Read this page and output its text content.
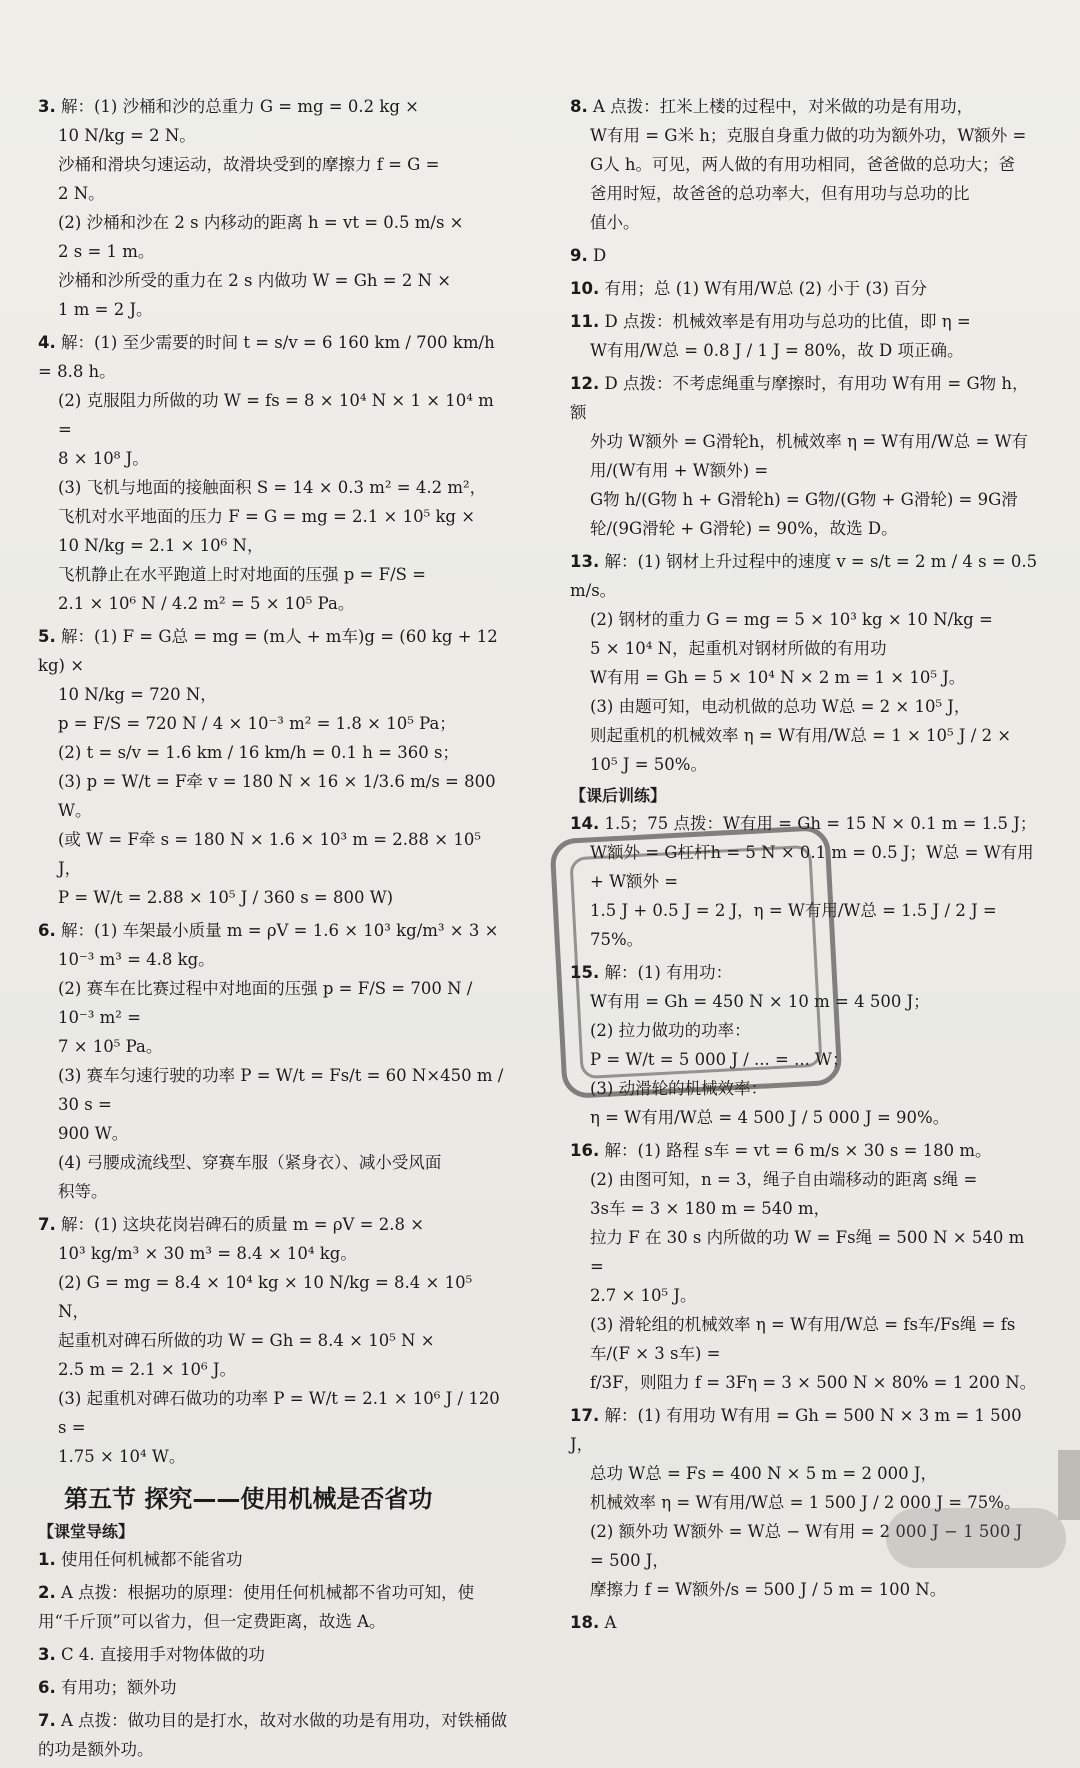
3. 解：(1) 沙桶和沙的总重力 G = mg = 0.2 kg ×

10 N/kg = 2 N。

沙桶和滑块匀速运动，故滑块受到的摩擦力 f = G =

2 N。

(2) 沙桶和沙在 2 s 内移动的距离 h = vt = 0.5 m/s ×

2 s = 1 m。

沙桶和沙所受的重力在 2 s 内做功 W = Gh = 2 N ×

1 m = 2 J。

4. 解：(1) 至少需要的时间 t = s/v = 6 160 km / 700 km/h = 8.8 h。

(2) 克服阻力所做的功 W = fs = 8 × 10⁴ N × 1 × 10⁴ m =

8 × 10⁸ J。

(3) 飞机与地面的接触面积 S = 14 × 0.3 m² = 4.2 m²，

飞机对水平地面的压力 F = G = mg = 2.1 × 10⁵ kg ×

10 N/kg = 2.1 × 10⁶ N，

飞机静止在水平跑道上时对地面的压强 p = F/S =

2.1 × 10⁶ N / 4.2 m² = 5 × 10⁵ Pa。

5. 解：(1) F = G总 = mg = (m人 + m车)g = (60 kg + 12 kg) ×

10 N/kg = 720 N，

p = F/S = 720 N / 4 × 10⁻³ m² = 1.8 × 10⁵ Pa；

(2) t = s/v = 1.6 km / 16 km/h = 0.1 h = 360 s；

(3) p = W/t = F牵 v = 180 N × 16 × 1/3.6 m/s = 800 W。

(或 W = F牵 s = 180 N × 1.6 × 10³ m = 2.88 × 10⁵ J，

P = W/t = 2.88 × 10⁵ J / 360 s = 800 W)

6. 解：(1) 车架最小质量 m = ρV = 1.6 × 10³ kg/m³ × 3 ×

10⁻³ m³ = 4.8 kg。

(2) 赛车在比赛过程中对地面的压强 p = F/S = 700 N / 10⁻³ m² =

7 × 10⁵ Pa。

(3) 赛车匀速行驶的功率 P = W/t = Fs/t = 60 N×450 m / 30 s =

900 W。

(4) 弓腰成流线型、穿赛车服（紧身衣）、减小受风面

积等。

7. 解：(1) 这块花岗岩碑石的质量 m = ρV = 2.8 ×

10³ kg/m³ × 30 m³ = 8.4 × 10⁴ kg。

(2) G = mg = 8.4 × 10⁴ kg × 10 N/kg = 8.4 × 10⁵ N，

起重机对碑石所做的功 W = Gh = 8.4 × 10⁵ N ×

2.5 m = 2.1 × 10⁶ J。

(3) 起重机对碑石做功的功率 P = W/t = 2.1 × 10⁶ J / 120 s =

1.75 × 10⁴ W。

第五节 探究——使用机械是否省功
【课堂导练】
1. 使用任何机械都不能省功
2. A 点拨：根据功的原理：使用任何机械都不省功可知，使用“千斤顶”可以省力，但一定费距离，故选 A。
3. C 4. 直接用手对物体做的功
6. 有用功；额外功
7. A 点拨：做功目的是打水，故对水做的功是有用功，对铁桶做的功是额外功。

8. A 点拨：扛米上楼的过程中，对米做的功是有用功，

W有用 = G米 h；克服自身重力做的功为额外功，W额外 =

G人 h。可见，两人做的有用功相同，爸爸做的总功大；爸

爸用时短，故爸爸的总功率大，但有用功与总功的比

值小。

9. D

10. 有用；总 (1) W有用/W总 (2) 小于 (3) 百分

11. D 点拨：机械效率是有用功与总功的比值，即 η =

W有用/W总 = 0.8 J / 1 J = 80%，故 D 项正确。

12. D 点拨：不考虑绳重与摩擦时，有用功 W有用 = G物 h，额

外功 W额外 = G滑轮h，机械效率 η = W有用/W总 = W有用/(W有用 + W额外) =

G物 h/(G物 h + G滑轮h) = G物/(G物 + G滑轮) = 9G滑轮/(9G滑轮 + G滑轮) = 90%，故选 D。

13. 解：(1) 钢材上升过程中的速度 v = s/t = 2 m / 4 s = 0.5 m/s。

(2) 钢材的重力 G = mg = 5 × 10³ kg × 10 N/kg =

5 × 10⁴ N，起重机对钢材所做的有用功

W有用 = Gh = 5 × 10⁴ N × 2 m = 1 × 10⁵ J。

(3) 由题可知，电动机做的总功 W总 = 2 × 10⁵ J，

则起重机的机械效率 η = W有用/W总 = 1 × 10⁵ J / 2 × 10⁵ J = 50%。

【课后训练】

14. 1.5；75 点拨：W有用 = Gh = 15 N × 0.1 m = 1.5 J；

W额外 = G杠杆h = 5 N × 0.1 m = 0.5 J；W总 = W有用 + W额外 =

1.5 J + 0.5 J = 2 J，η = W有用/W总 = 1.5 J / 2 J = 75%。

15. 解：(1) 有用功：

W有用 = Gh = 450 N × 10 m = 4 500 J；

(2) 拉力做功的功率：

P = W/t = 5 000 J / ... = ... W；

(3) 动滑轮的机械效率：

η = W有用/W总 = 4 500 J / 5 000 J = 90%。

16. 解：(1) 路程 s车 = vt = 6 m/s × 30 s = 180 m。

(2) 由图可知，n = 3，绳子自由端移动的距离 s绳 =

3s车 = 3 × 180 m = 540 m，

拉力 F 在 30 s 内所做的功 W = Fs绳 = 500 N × 540 m =

2.7 × 10⁵ J。

(3) 滑轮组的机械效率 η = W有用/W总 = fs车/Fs绳 = fs车/(F × 3 s车) =

f/3F，则阻力 f = 3Fη = 3 × 500 N × 80% = 1 200 N。

17. 解：(1) 有用功 W有用 = Gh = 500 N × 3 m = 1 500 J，

总功 W总 = Fs = 400 N × 5 m = 2 000 J，

机械效率 η = W有用/W总 = 1 500 J / 2 000 J = 75%。

(2) 额外功 W额外 = W总 − W有用 = 2 000 J − 1 500 J = 500 J，

摩擦力 f = W额外/s = 500 J / 5 m = 100 N。

18. A
